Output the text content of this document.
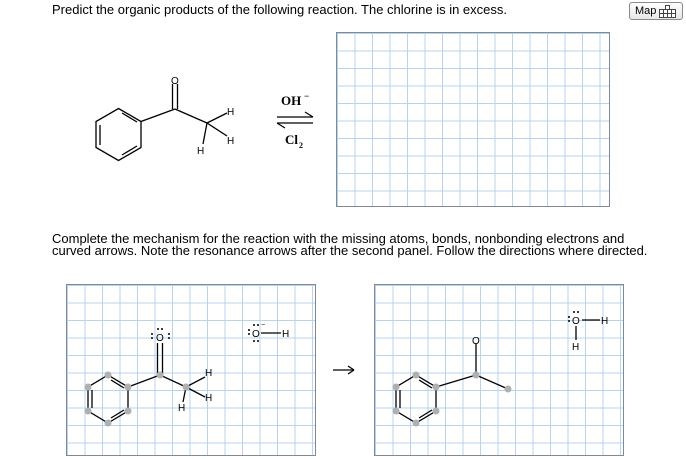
Predict the organic products of the following reaction. The chlorine is in excess.	Map
Complete the mechanism for the reaction with the missing atoms, bonds, nonbonding electrons and curved arrows. Note the resonance arrows after the second panel. Follow the directions where directed.
O
H
H
H
OH −
Cl 2
O
H
H
H
O
−
H
O
O H
H
